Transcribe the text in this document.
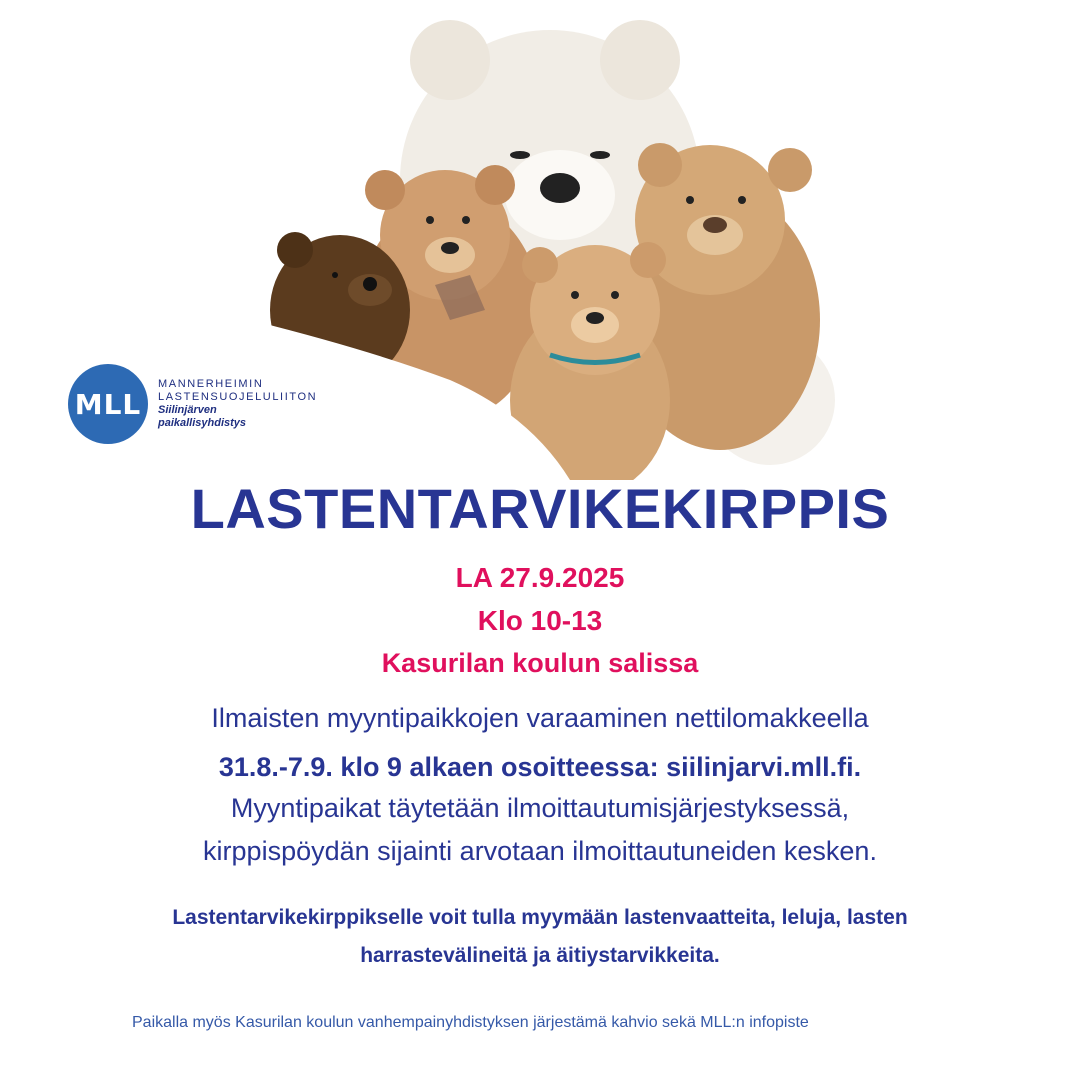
MLL
MANNERHEIMIN
LASTENSUOJELULIITON
Siilinjärven
paikallisyhdistys
LASTENTARVIKEKIRPPIS
LA 27.9.2025
Klo 10-13
Kasurilan koulun salissa
Ilmaisten myyntipaikkojen varaaminen nettilomakkeella
31.8.-7.9. klo 9 alkaen osoitteessa: siilinjarvi.mll.fi.
Myyntipaikat täytetään ilmoittautumisjärjestyksessä,
kirppispöydän sijainti arvotaan ilmoittautuneiden kesken.
Lastentarvikekirppikselle voit tulla myymään lastenvaatteita, leluja, lasten
harrastevälineitä ja äitiystarvikkeita.
Paikalla myös Kasurilan koulun vanhempainyhdistyksen järjestämä kahvio sekä MLL:n infopiste
